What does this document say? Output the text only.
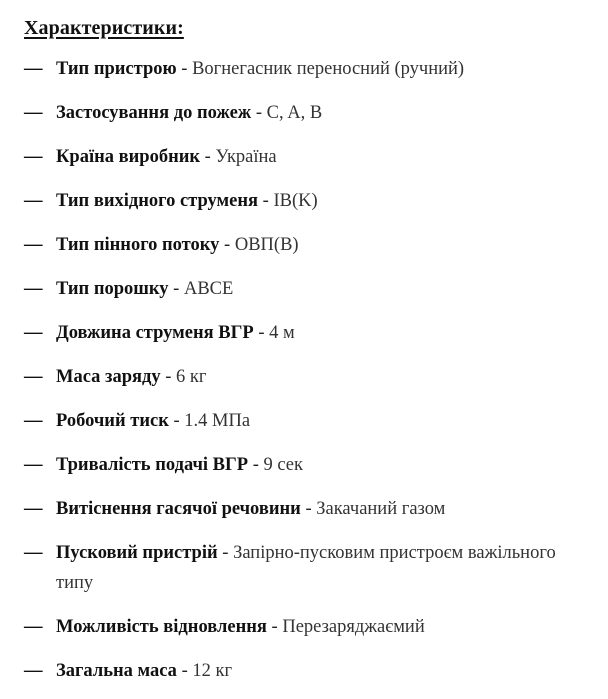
Характеристики:
— Тип пристрою - Вогнегасник переносний (ручний)
— Застосування до пожеж - C, A, B
— Країна виробник - Україна
— Тип вихідного струменя - IB(K)
— Тип пінного потоку - ОВП(B)
— Тип порошку - ABCE
— Довжина струменя ВГР - 4 м
— Маса заряду - 6 кг
— Робочий тиск - 1.4 МПа
— Тривалість подачі ВГР - 9 сек
— Витіснення гасячої речовини - Закачаний газом
— Пусковий пристрій - Запірно-пусковим пристроєм важільного типу
— Можливість відновлення - Перезаряджаємий
— Загальна маса - 12 кг
